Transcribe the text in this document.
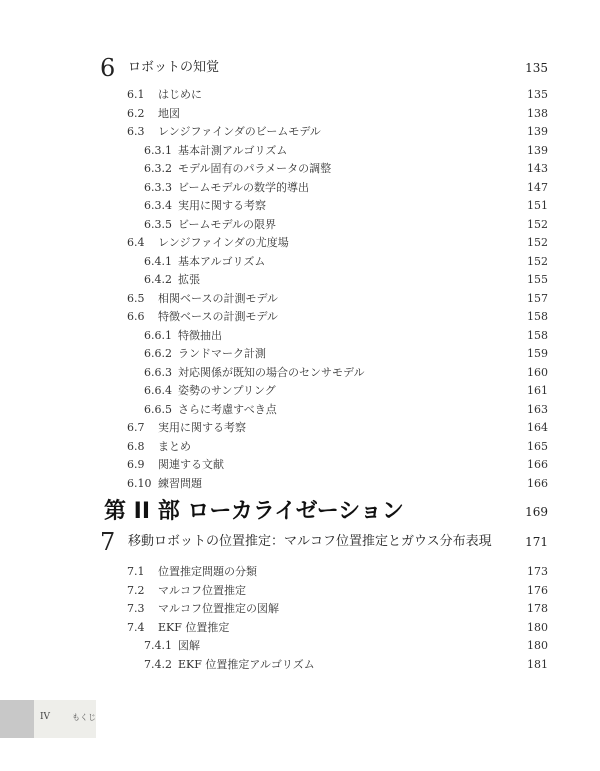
6 ロボットの知覚	135
6.1 はじめに	135
6.2 地図	138
6.3 レンジファインダのビームモデル	139
6.3.1 基本計測アルゴリズム	139
6.3.2 モデル固有のパラメータの調整	143
6.3.3 ビームモデルの数学的導出	147
6.3.4 実用に関する考察	151
6.3.5 ビームモデルの限界	152
6.4 レンジファインダの尤度場	152
6.4.1 基本アルゴリズム	152
6.4.2 拡張	155
6.5 相関ベースの計測モデル	157
6.6 特徴ベースの計測モデル	158
6.6.1 特徴抽出	158
6.6.2 ランドマーク計測	159
6.6.3 対応関係が既知の場合のセンサモデル	160
6.6.4 姿勢のサンプリング	161
6.6.5 さらに考慮すべき点	163
6.7 実用に関する考察	164
6.8 まとめ	165
6.9 関連する文献	166
6.10 練習問題	166
第 II 部 ローカライゼーション	169
7 移動ロボットの位置推定：マルコフ位置推定とガウス分布表現	171
7.1 位置推定問題の分類	173
7.2 マルコフ位置推定	176
7.3 マルコフ位置推定の図解	178
7.4 EKF 位置推定	180
7.4.1 図解	180
7.4.2 EKF 位置推定アルゴリズム	181
IV	もくじ
